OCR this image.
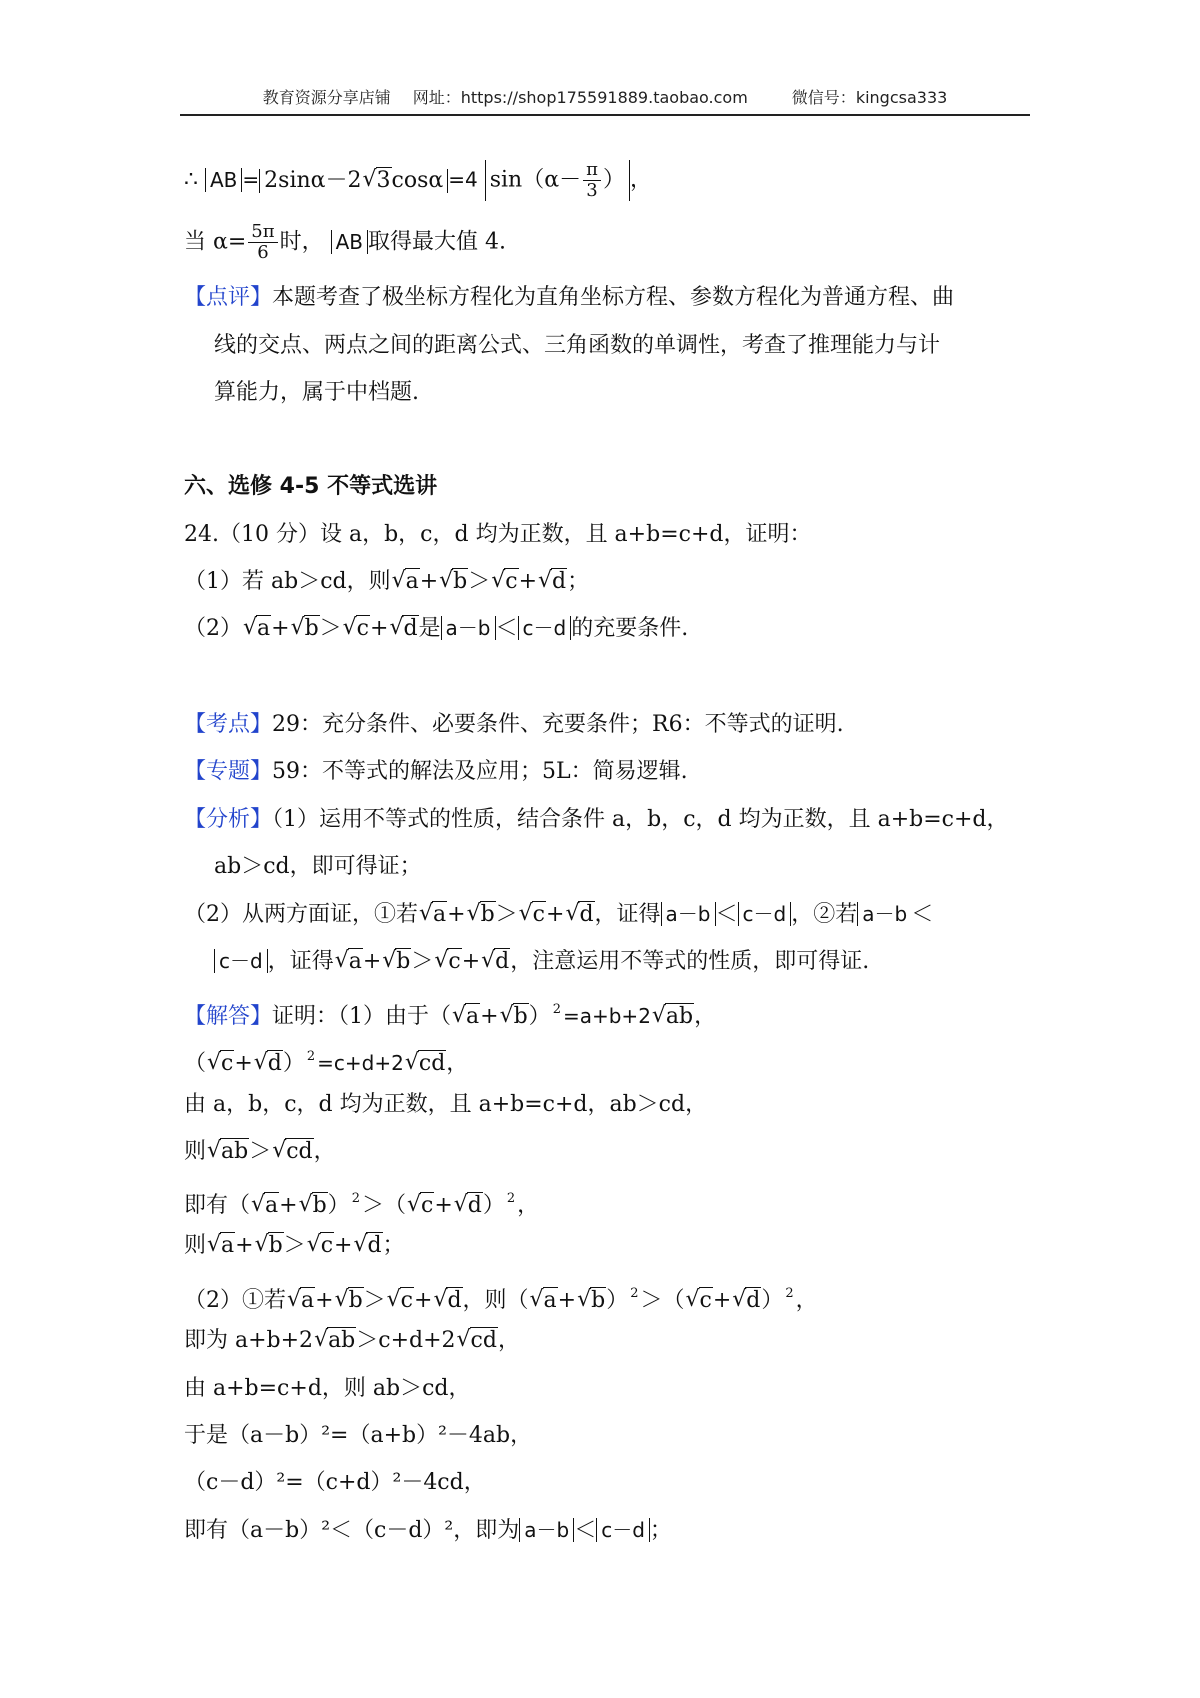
教育资源分享店铺 网址：https://shop175591889.taobao.com	微信号：kingcsa333
∴ AB = 2sinα－2 √ 3cosα =4 $\sin(\alpha- \frac{\pi}{3}$ ） ，
当 $\alpha= \frac{5\pi}{6}$ 时， AB 取得最大值 4.
【点评】本题考查了极坐标方程化为直角坐标方程、参数方程化为普通方程、曲
线的交点、两点之间的距离公式、三角函数的单调性，考查了推理能力与计
算能力，属于中档题.
六、选修 4-5 不等式选讲
24.（10 分）设 a，b，c，d 均为正数，且 a+b=c+d，证明：
（1）若 ab＞cd，则 √ a+ √ b＞ √ c+ √ d；
（2） √ a+ √ b＞ √ c+ √ d是 a－b ＜ c－d 的充要条件.
【考点】29：充分条件、必要条件、充要条件；R6：不等式的证明.
【专题】59：不等式的解法及应用；5L：简易逻辑.
【分析】（1）运用不等式的性质，结合条件 a，b，c，d 均为正数，且 a+b=c+d，
ab＞cd，即可得证；
（2）从两方面证，①若 √ a+ √ b＞ √ c+ √ d，证得 a－b ＜ c－d ，②若 a－b ＜
c－d ，证得 √ a+ √ b＞ √ c+ √ d，注意运用不等式的性质，即可得证.
【解答】证明：（1）由于（ √ a+ √ b） $^2$ =a+b+2 √ ab，
（ √ c+ √ d） $^2$ =c+d+2 √ cd，
由 a，b，c，d 均为正数，且 a+b=c+d，ab＞cd，
则 √ ab＞ √ cd，
即有（ √ a+ √ b） $^2$＞（ √ c+ √ d） $^2$，
则 √ a+ √ b＞ √ c+ √ d；
（2）①若 √ a+ √ b＞ √ c+ √ d，则（ √ a+ √ b） $^2$＞（ √ c+ √ d） $^2$，
即为 a+b+2 √ ab＞c+d+2 √ cd，
由 a+b=c+d，则 ab＞cd，
于是（a－b）²=（a+b）²－4ab，
（c－d）²=（c+d）²－4cd，
即有（a－b）²＜（c－d）²，即为 a－b ＜ c－d ；
